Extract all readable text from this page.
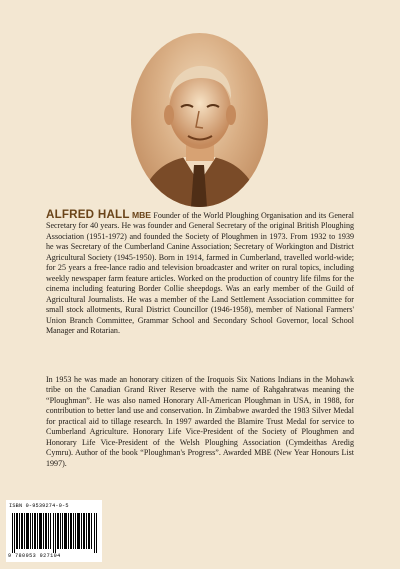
ALFRED HALL MBE Founder of the World Ploughing Organisation and its General Secretary for 40 years. He was founder and General Secretary of the original British Ploughing Association (1951-1972) and founded the Society of Ploughmen in 1973. From 1932 to 1939 he was Secretary of the Cumberland Canine Association; Secretary of Workington and District Agricultural Society (1945-1950). Born in 1914, farmed in Cumberland, travelled world-wide; for 25 years a free-lance radio and television broadcaster and writer on rural topics, including weekly newspaper farm feature articles. Worked on the production of country life films for the cinema including featuring Border Collie sheepdogs. Was an early member of the Guild of Agricultural Journalists. He was a member of the Land Settlement Association committee for small stock allotments, Rural District Councillor (1946-1958), member of National Farmers' Union Branch Committee, Grammar School and Secondary School Governor, local School Manager and Rotarian.

In 1953 he was made an honorary citizen of the Iroquois Six Nations Indians in the Mohawk tribe on the Canadian Grand River Reserve with the name of Rahgahratwas meaning the “Ploughman”. He was also named Honorary All-American Ploughman in USA, in 1988, for contribution to better land use and conservation. In Zimbabwe awarded the 1983 Silver Medal for practical aid to tillage research. In 1997 awarded the Blamire Trust Medal for service to Cumberland Agriculture. Honorary Life Vice-President of the Society of Ploughmen and Honorary Life Vice-President of the Welsh Ploughing Association (Cymdeithas Aredig Cymru). Author of the book “Ploughman's Progress”. Awarded MBE (New Year Honours List 1997).

ISBN 0-9539274-0-5
9 780953 927104
